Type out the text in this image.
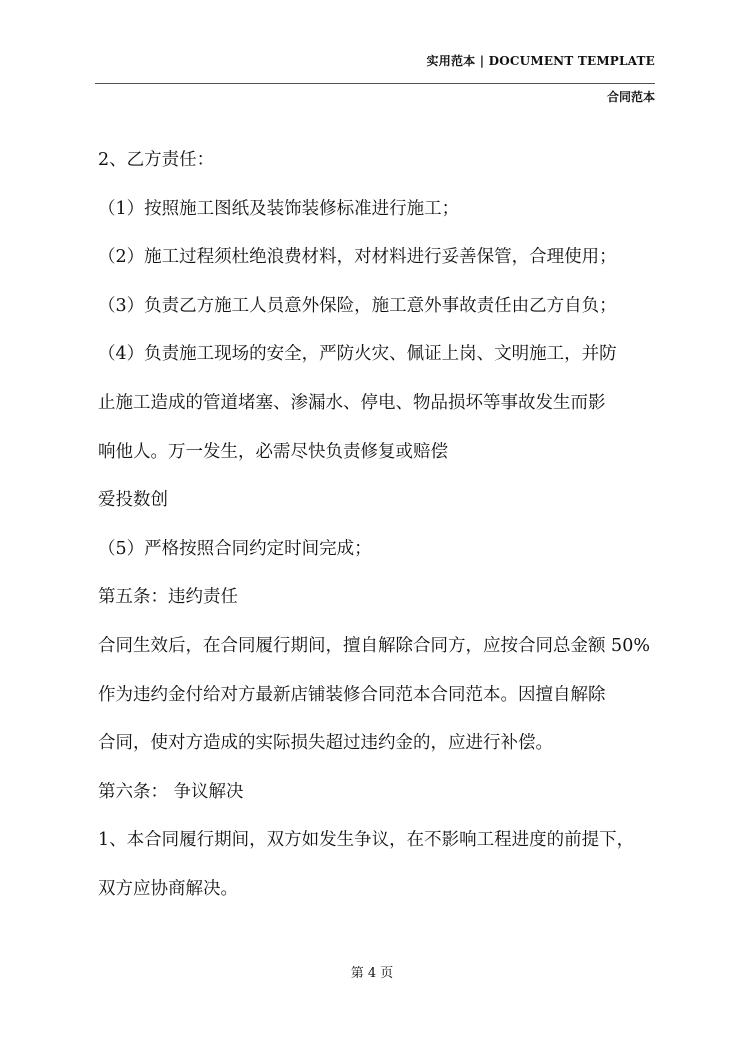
实用范本 | DOCUMENT TEMPLATE
合同范本
2、乙方责任：
（1）按照施工图纸及装饰装修标准进行施工；
（2）施工过程须杜绝浪费材料，对材料进行妥善保管，合理使用；
（3）负责乙方施工人员意外保险，施工意外事故责任由乙方自负；
（4）负责施工现场的安全，严防火灾、佩证上岗、文明施工，并防
止施工造成的管道堵塞、渗漏水、停电、物品损坏等事故发生而影
响他人。万一发生，必需尽快负责修复或赔偿
爱投数创
（5）严格按照合同约定时间完成；
第五条：违约责任
合同生效后，在合同履行期间，擅自解除合同方，应按合同总金额 50%
作为违约金付给对方最新店铺装修合同范本合同范本。因擅自解除
合同，使对方造成的实际损失超过违约金的，应进行补偿。
第六条： 争议解决
1、本合同履行期间，双方如发生争议，在不影响工程进度的前提下，
双方应协商解决。
第 4 页
